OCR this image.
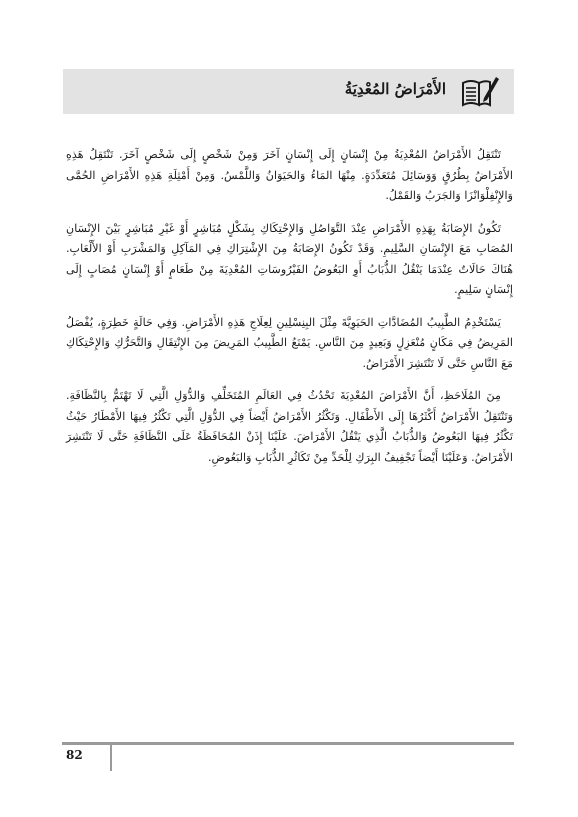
الأَمْرَاضُ المُعْدِيَةُ

تَنْتَقِلُ الأَمْرَاضُ المُعْدِيَةُ مِنْ إِنْسَانٍ إِلَى إِنْسَانٍ آخَرَ وَمِنْ شَخْصٍ إِلَى شَخْصٍ آخَرَ. تَنْتَقِلُ هَذِهِ الأَمْرَاضُ بِطُرُقٍ وَوَسَائِلَ مُتَعَدِّدَةٍ. مِنْهَا المَاءُ وَالحَيَوَانُ وَاللَّمْسُ. وَمِنْ أَمْثِلَةِ هَذِهِ الأَمْرَاضِ الحُمَّى وَالإِنْفِلْوَانْزَا وَالجَرَبُ وَالقَمْلُ.

تَكُونُ الإِصَابَةُ بِهَذِهِ الأَمْرَاضِ عِنْدَ التَّوَاصُلِ وَالإِحْتِكَاكِ بِشَكْلٍ مُبَاشِرٍ أَوْ غَيْرِ مُبَاشِرٍ بَيْنَ الإِنْسَانِ المُصَابِ مَعَ الإِنْسَانِ السَّلِيمِ. وَقَدْ تَكُونُ الإِصَابَةُ مِنَ الإِشْتِرَاكِ فِي المَآكِلِ وَالمَشْرَبِ أَوْ الأَلْعَابِ. هُنَاكَ حَالَاتٌ عِنْدَمَا يَنْقُلُ الذُّبَابُ أَوِ البَعُوضُ الفَيْرُوسَاتِ المُعْدِيَةَ مِنْ طَعَامٍ أَوْ إِنْسَانٍ مُصَابٍ إِلَى إِنْسَانٍ سَلِيمٍ.

يَسْتَخْدِمُ الطَّبِيبُ المُضَادَّاتِ الحَيَوِيَّةَ مِثْلَ البِنِسْلِينِ لِعِلَاجِ هَذِهِ الأَمْرَاضِ. وَفِي حَالَةٍ خَطِرَةٍ، يُفْصَلُ المَرِيضُ فِي مَكَانٍ مُنْعَزِلٍ وَبَعِيدٍ مِنَ النَّاسِ. يَمْنَعُ الطَّبِيبُ المَرِيضَ مِنَ الإِنْتِقَالِ وَالتَّحَرُّكِ وَالإِحْتِكَاكِ مَعَ النَّاسِ حَتَّى لَا تَنْتَشِرَ الأَمْرَاضُ.

مِنَ المُلَاحَظِ، أَنَّ الأَمْرَاضَ المُعْدِيَةَ تَحْدُثُ فِي العَالَمِ المُتَخَلِّفِ وَالدُّوَلِ الَّتِي لَا تَهْتَمُّ بِالنَّظَافَةِ. وَتَنْتَقِلُ الأَمْرَاضُ أَكْثَرُهَا إِلَى الأَطْفَالِ. وَتَكْثُرُ الأَمْرَاضُ أَيْضاً فِي الدُّوَلِ الَّتِي تَكْثُرُ فِيهَا الأَمْطَارُ حَيْثُ تَكْثُرُ فِيهَا البَعُوضُ وَالذُّبَابُ الَّذِي يَنْقُلُ الأَمْرَاضَ. عَلَيْنَا إِذَنْ المُحَافَظَةُ عَلَى النَّظَافَةِ حَتَّى لَا تَنْتَشِرَ الأَمْرَاضُ. وَعَلَيْنَا أَيْضاً تَجْفِيفُ البِرَكِ لِلْحَدِّ مِنْ تَكَاثُرِ الذُّبَابِ وَالبَعُوضِ.

82
